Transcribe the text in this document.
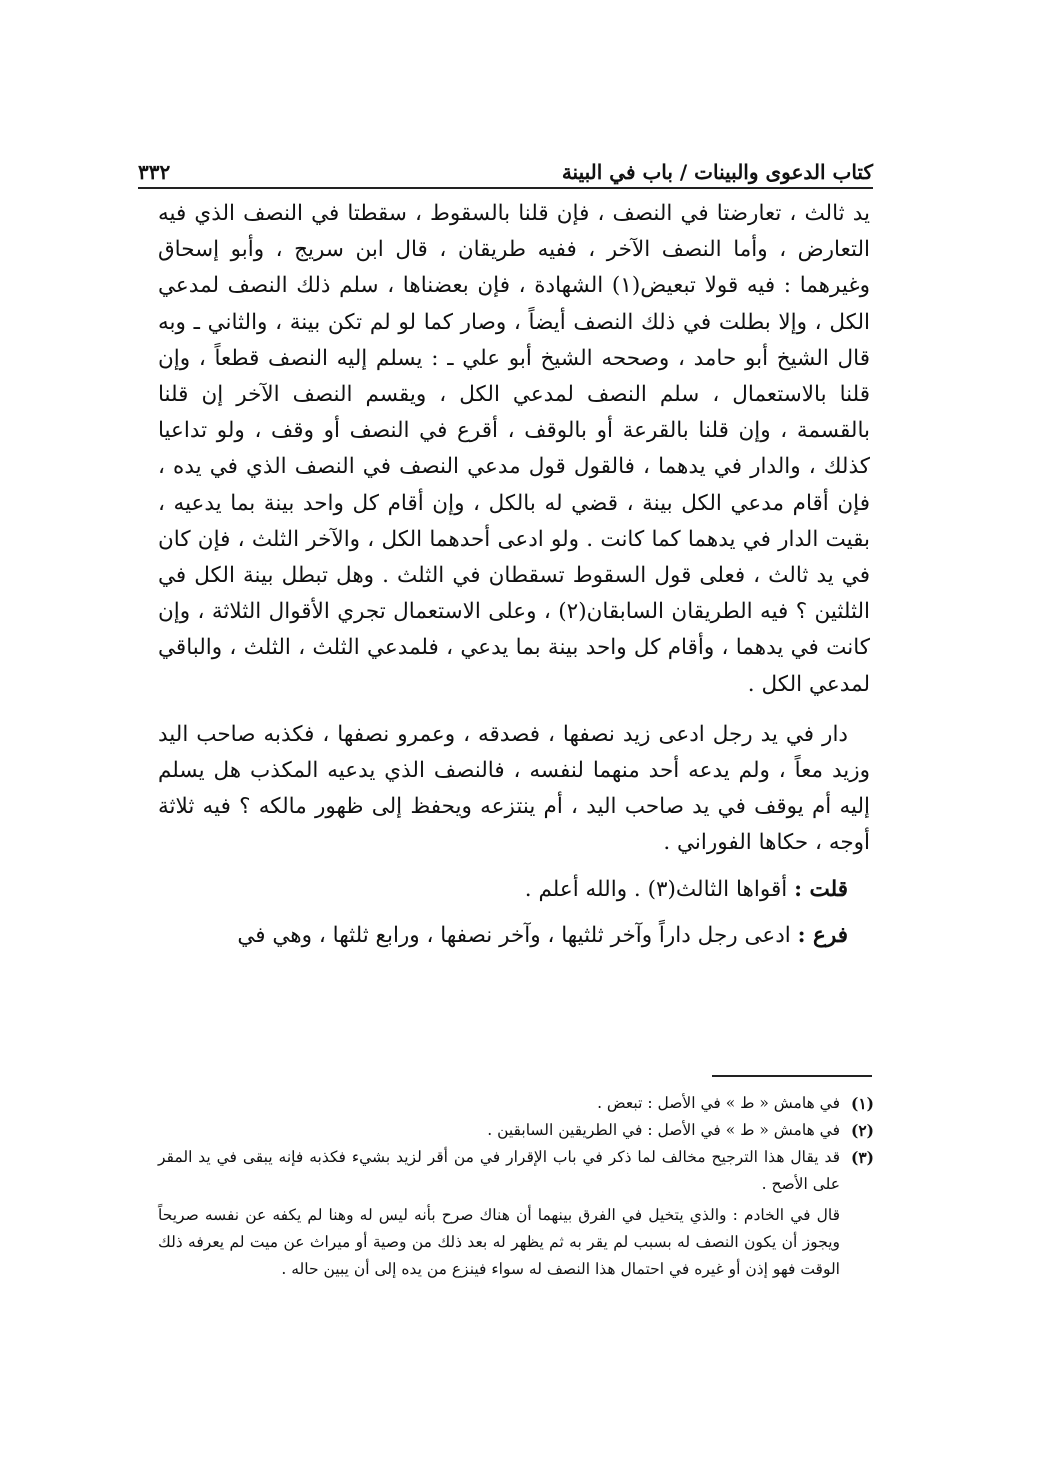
كتاب الدعوى والبينات / باب في البينة
٣٣٢

يد ثالث ، تعارضتا في النصف ، فإن قلنا بالسقوط ، سقطتا في النصف الذي فيه التعارض ، وأما النصف الآخر ، ففيه طريقان ، قال ابن سريج ، وأبو إسحاق وغيرهما : فيه قولا تبعيض(١) الشهادة ، فإن بعضناها ، سلم ذلك النصف لمدعي الكل ، وإلا بطلت في ذلك النصف أيضاً ، وصار كما لو لم تكن بينة ، والثاني ـ وبه قال الشيخ أبو حامد ، وصححه الشيخ أبو علي ـ : يسلم إليه النصف قطعاً ، وإن قلنا بالاستعمال ، سلم النصف لمدعي الكل ، ويقسم النصف الآخر إن قلنا بالقسمة ، وإن قلنا بالقرعة أو بالوقف ، أقرع في النصف أو وقف ، ولو تداعيا كذلك ، والدار في يدهما ، فالقول قول مدعي النصف في النصف الذي في يده ، فإن أقام مدعي الكل بينة ، قضي له بالكل ، وإن أقام كل واحد بينة بما يدعيه ، بقيت الدار في يدهما كما كانت . ولو ادعى أحدهما الكل ، والآخر الثلث ، فإن كان في يد ثالث ، فعلى قول السقوط تسقطان في الثلث . وهل تبطل بينة الكل في الثلثين ؟ فيه الطريقان السابقان(٢) ، وعلى الاستعمال تجري الأقوال الثلاثة ، وإن كانت في يدهما ، وأقام كل واحد بينة بما يدعي ، فلمدعي الثلث ، الثلث ، والباقي لمدعي الكل .

دار في يد رجل ادعى زيد نصفها ، فصدقه ، وعمرو نصفها ، فكذبه صاحب اليد وزيد معاً ، ولم يدعه أحد منهما لنفسه ، فالنصف الذي يدعيه المكذب هل يسلم إليه أم يوقف في يد صاحب اليد ، أم ينتزعه ويحفظ إلى ظهور مالكه ؟ فيه ثلاثة أوجه ، حكاها الفوراني .

قلت : أقواها الثالث(٣) . والله أعلم .

فرع : ادعى رجل داراً وآخر ثلثيها ، وآخر نصفها ، ورابع ثلثها ، وهي في

(١)
في هامش « ط » في الأصل : تبعض .
(٢)
في هامش « ط » في الأصل : في الطريقين السابقين .
(٣)
قد يقال هذا الترجيح مخالف لما ذكر في باب الإقرار في من أقر لزيد بشيء فكذبه فإنه يبقى في يد المقر على الأصح .
قال في الخادم : والذي يتخيل في الفرق بينهما أن هناك صرح بأنه ليس له وهنا لم يكفه عن نفسه صريحاً ويجوز أن يكون النصف له بسبب لم يقر به ثم يظهر له بعد ذلك من وصية أو ميراث عن ميت لم يعرفه ذلك الوقت فهو إذن أو غيره في احتمال هذا النصف له سواء فينزع من يده إلى أن يبين حاله .
